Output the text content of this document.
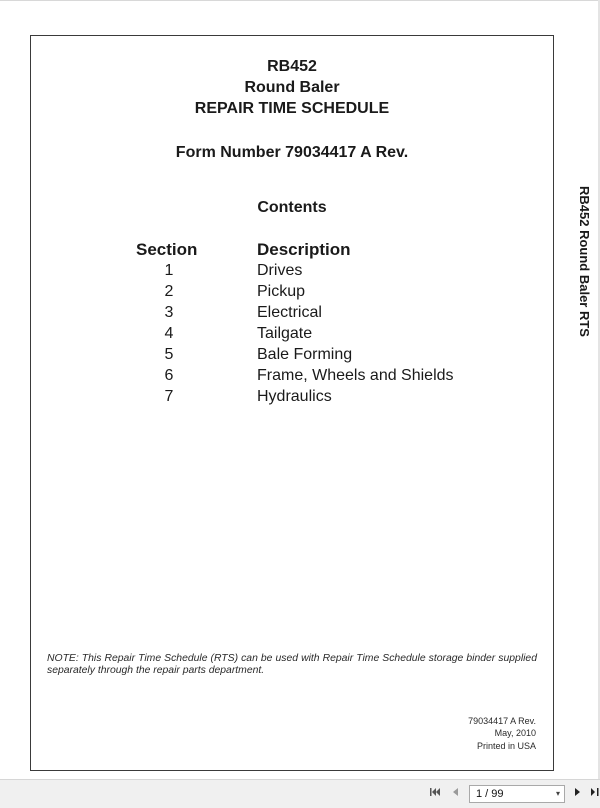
RB452
Round Baler
REPAIR TIME SCHEDULE
Form Number 79034417 A Rev.
Contents
Section	Description
1	Drives
2	Pickup
3	Electrical
4	Tailgate
5	Bale Forming
6	Frame, Wheels and Shields
7	Hydraulics
RB452 Round Baler RTS
NOTE: This Repair Time Schedule (RTS) can be used with Repair Time Schedule storage binder supplied separately through the repair parts department.
79034417 A Rev.
May, 2010
Printed in USA
1 / 99	▾
